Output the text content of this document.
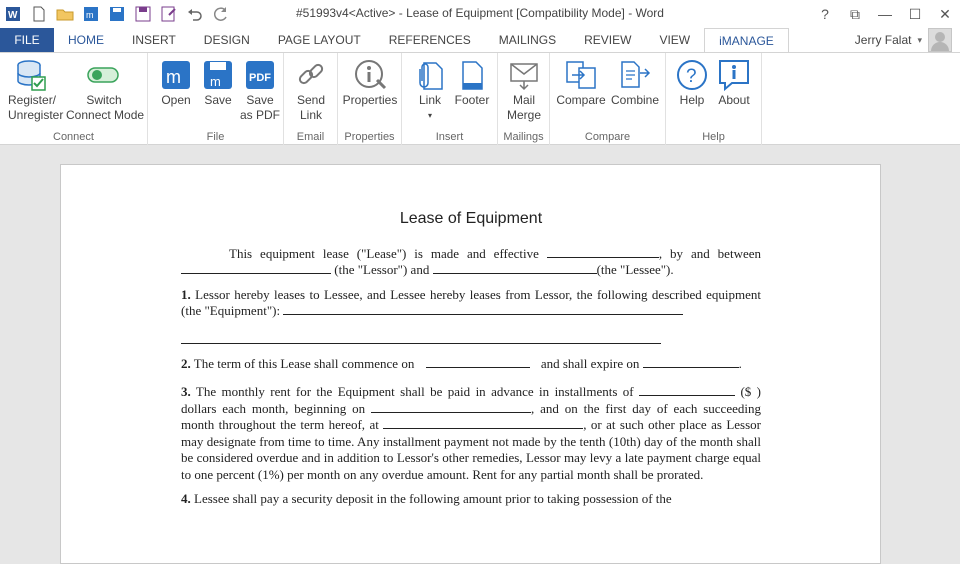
W	m	#51993v4<Active> - Lease of Equipment [Compatibility Mode] - Word	?	⧉	—	☐	✕
FILE	HOME	INSERT	DESIGN	PAGE LAYOUT	REFERENCES	MAILINGS	REVIEW	VIEW	iMANAGE	Jerry Falat ▾
Register/
Unregister
Switch
Connect Mode
Connect
m
Open
m
Save
PDF
Save
as PDF
File
Send
Link
Email
Properties
Properties
Link
▾
Footer
Insert
Mail
Merge
Mailings
Compare Combine
Compare
?
Help	About
Help
Lease of Equipment

This equipment lease ("Lease") is made and effective	, by and between  (the "Lessor") and	(the "Lessee").

1. Lessor hereby leases to Lessee, and Lessee hereby leases from Lessor, the following described equipment (the "Equipment"):

2. The term of this Lease shall commence on	and shall expire on	.

3. The monthly rent for the Equipment shall be paid in advance in installments of	($ ) dollars each month, beginning on	, and on the first day of each succeeding month throughout the term hereof, at	, or at such other place as Lessor may designate from time to time. Any installment payment not made by the tenth (10th) day of the month shall be considered overdue and in addition to Lessor's other remedies, Lessor may levy a late payment charge equal to one percent (1%) per month on any overdue amount. Rent for any partial month shall be prorated.

4. Lessee shall pay a security deposit in the following amount prior to taking possession of the
